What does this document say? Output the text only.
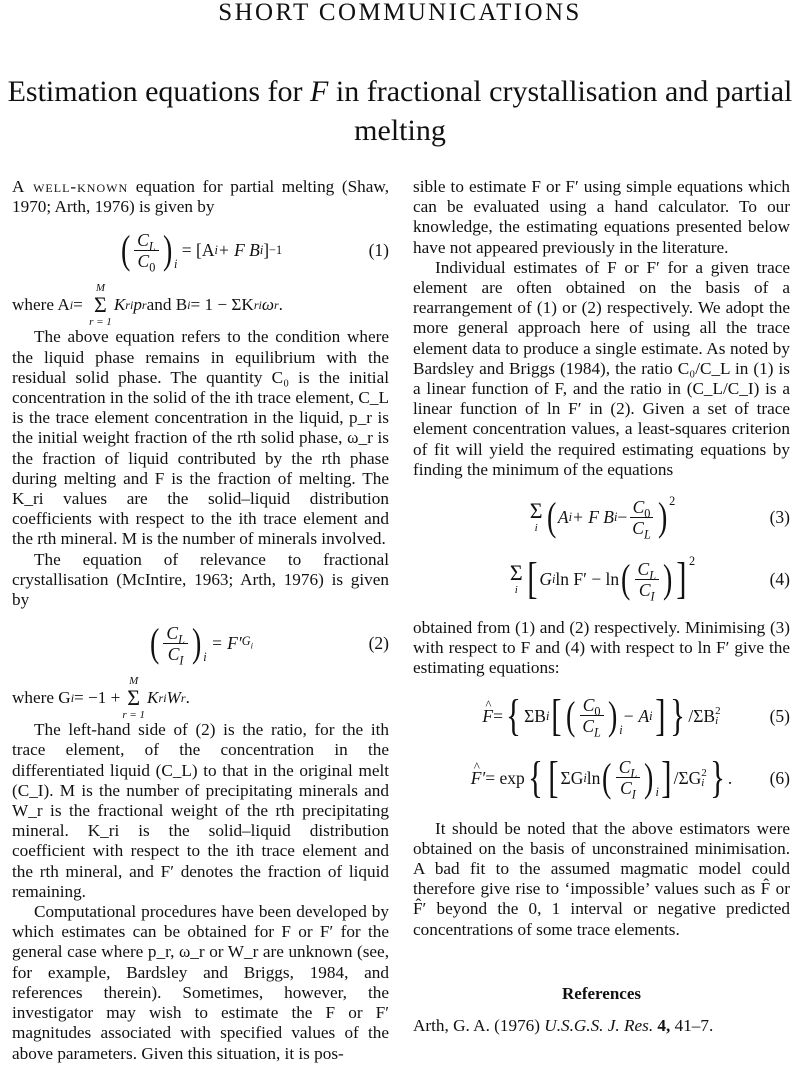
SHORT COMMUNICATIONS
Estimation equations for F in fractional crystallisation and partial melting

A well-known equation for partial melting (Shaw, 1970; Arth, 1976) is given by

( $\frac{C_L}{C_0}$ ) $_i$

= [A i + F B i ] −1	(1)
where A i =

M
Σ
r = 1
K ri p r and B i = 1 − ΣK ri ω r .

The above equation refers to the condition where the liquid phase remains in equilibrium with the residual solid phase. The quantity C₀ is the initial concentration in the solid of the ith trace element, C_L is the trace element concentration in the liquid, p_r is the initial weight fraction of the rth solid phase, ω_r is the fraction of liquid contributed by the rth phase during melting and F is the fraction of melting. The K_ri values are the solid–liquid distribution coefficients with respect to the ith trace element and the rth mineral. M is the number of minerals involved.

The equation of relevance to fractional crystallisation (McIntire, 1963; Arth, 1976) is given by

( $\frac{C_L}{C_I}$ ) $_i$

= F′ $G_i$	(2)
where G i = −1 +
M
Σ
r = 1
K ri W r .

The left-hand side of (2) is the ratio, for the ith trace element, of the concentration in the differentiated liquid (C_L) to that in the original melt (C_I). M is the number of precipitating minerals and W_r is the fractional weight of the rth precipitating mineral. K_ri is the solid–liquid distribution coefficient with respect to the ith trace element and the rth mineral, and F′ denotes the fraction of liquid remaining.

Computational procedures have been developed by which estimates can be obtained for F or F′ for the general case where p_r, ω_r or W_r are unknown (see, for example, Bardsley and Briggs, 1984, and references therein). Sometimes, however, the investigator may wish to estimate the F or F′ magnitudes associated with specified values of the above parameters. Given this situation, it is pos-

sible to estimate F or F′ using simple equations which can be evaluated using a hand calculator. To our knowledge, the estimating equations presented below have not appeared previously in the literature.

Individual estimates of F or F′ for a given trace element are often obtained on the basis of a rearrangement of (1) or (2) respectively. We adopt the more general approach here of using all the trace element data to produce a single estimate. As noted by Bardsley and Briggs (1984), the ratio C₀/C_L in (1) is a linear function of F, and the ratio in (C_L/C_I) is a linear function of ln F′ in (2). Given a set of trace element concentration values, a least-squares criterion of fit will yield the required estimating equations by finding the minimum of the equations

Σ
i ( A i + F B $i - \frac{C_0}{C_L} )^2$
(3)
Σ
i [ G i ln F′ − ln ( $\frac{C_L}{C_I}$ ) ]$^2$
(4)

obtained from (1) and (2) respectively. Minimising (3) with respect to F and (4) with respect to ln F′ give the estimating equations:

^ F = { ΣB i [ ( $\frac{C_0}{C_L}$ ) $_i$
− A i ] } /ΣB 2
i	(5)
^ F′ = exp { [ ΣG i ln ( $\frac{C_L}{C_I}$ ) $_i$ ] /ΣG 2
i } . (6)

It should be noted that the above estimators were obtained on the basis of unconstrained minimisation. A bad fit to the assumed magmatic model could therefore give rise to ‘impossible’ values such as F̂ or F̂′ beyond the 0, 1 interval or negative predicted concentrations of some trace elements.

References

Arth, G. A. (1976) U.S.G.S. J. Res. 4, 41–7.
